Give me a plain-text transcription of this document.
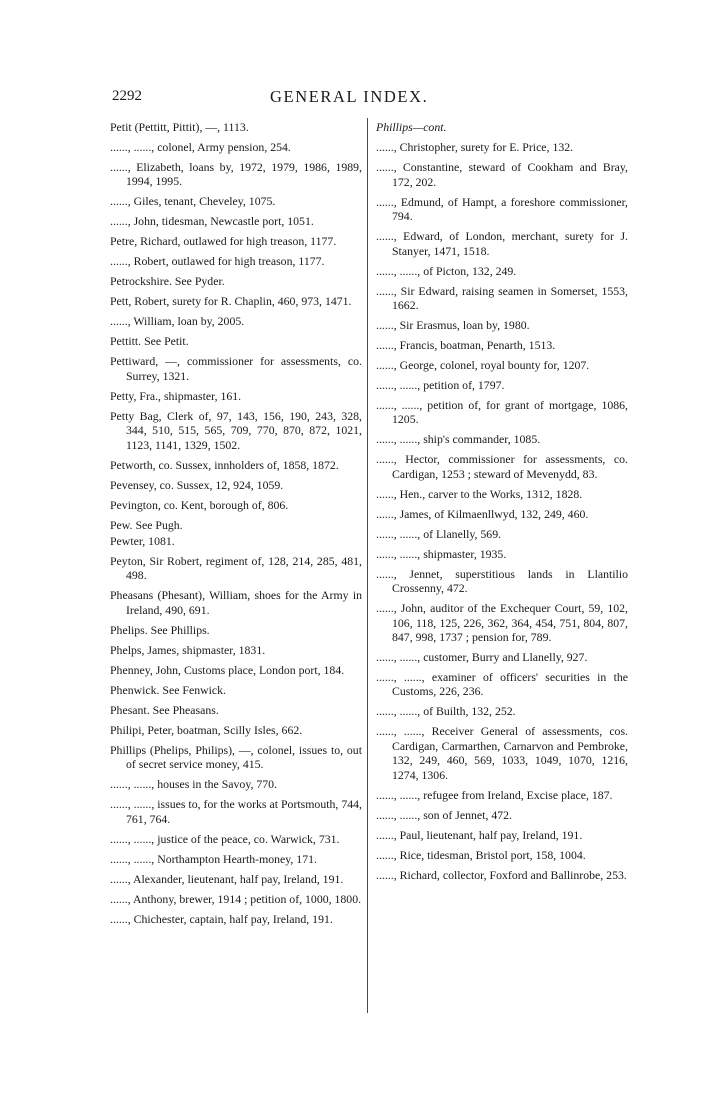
2292	GENERAL INDEX.

Petit (Pettitt, Pittit), —, 1113.

......, ......, colonel, Army pension, 254.

......, Elizabeth, loans by, 1972, 1979, 1986, 1989, 1994, 1995.

......, Giles, tenant, Cheveley, 1075.

......, John, tidesman, Newcastle port, 1051.

Petre, Richard, outlawed for high treason, 1177.

......, Robert, outlawed for high treason, 1177.

Petrockshire. See Pyder.

Pett, Robert, surety for R. Chaplin, 460, 973, 1471.

......, William, loan by, 2005.

Pettitt. See Petit.

Pettiward, —, commissioner for assessments, co. Surrey, 1321.

Petty, Fra., shipmaster, 161.

Petty Bag, Clerk of, 97, 143, 156, 190, 243, 328, 344, 510, 515, 565, 709, 770, 870, 872, 1021, 1123, 1141, 1329, 1502.

Petworth, co. Sussex, innholders of, 1858, 1872.

Pevensey, co. Sussex, 12, 924, 1059.

Pevington, co. Kent, borough of, 806.

Pew. See Pugh.

Pewter, 1081.

Peyton, Sir Robert, regiment of, 128, 214, 285, 481, 498.

Pheasans (Phesant), William, shoes for the Army in Ireland, 490, 691.

Phelips. See Phillips.

Phelps, James, shipmaster, 1831.

Phenney, John, Customs place, London port, 184.

Phenwick. See Fenwick.

Phesant. See Pheasans.

Philipi, Peter, boatman, Scilly Isles, 662.

Phillips (Phelips, Philips), —, colonel, issues to, out of secret service money, 415.

......, ......, houses in the Savoy, 770.

......, ......, issues to, for the works at Portsmouth, 744, 761, 764.

......, ......, justice of the peace, co. Warwick, 731.

......, ......, Northampton Hearth-money, 171.

......, Alexander, lieutenant, half pay, Ireland, 191.

......, Anthony, brewer, 1914 ; petition of, 1000, 1800.

......, Chichester, captain, half pay, Ireland, 191.

Phillips—cont.

......, Christopher, surety for E. Price, 132.

......, Constantine, steward of Cookham and Bray, 172, 202.

......, Edmund, of Hampt, a foreshore commissioner, 794.

......, Edward, of London, merchant, surety for J. Stanyer, 1471, 1518.

......, ......, of Picton, 132, 249.

......, Sir Edward, raising seamen in Somerset, 1553, 1662.

......, Sir Erasmus, loan by, 1980.

......, Francis, boatman, Penarth, 1513.

......, George, colonel, royal bounty for, 1207.

......, ......, petition of, 1797.

......, ......, petition of, for grant of mortgage, 1086, 1205.

......, ......, ship's commander, 1085.

......, Hector, commissioner for assessments, co. Cardigan, 1253 ; steward of Mevenydd, 83.

......, Hen., carver to the Works, 1312, 1828.

......, James, of Kilmaenllwyd, 132, 249, 460.

......, ......, of Llanelly, 569.

......, ......, shipmaster, 1935.

......, Jennet, superstitious lands in Llantilio Crossenny, 472.

......, John, auditor of the Exchequer Court, 59, 102, 106, 118, 125, 226, 362, 364, 454, 751, 804, 807, 847, 998, 1737 ; pension for, 789.

......, ......, customer, Burry and Llanelly, 927.

......, ......, examiner of officers' securities in the Customs, 226, 236.

......, ......, of Builth, 132, 252.

......, ......, Receiver General of assessments, cos. Cardigan, Carmarthen, Carnarvon and Pembroke, 132, 249, 460, 569, 1033, 1049, 1070, 1216, 1274, 1306.

......, ......, refugee from Ireland, Excise place, 187.

......, ......, son of Jennet, 472.

......, Paul, lieutenant, half pay, Ireland, 191.

......, Rice, tidesman, Bristol port, 158, 1004.

......, Richard, collector, Foxford and Ballinrobe, 253.
